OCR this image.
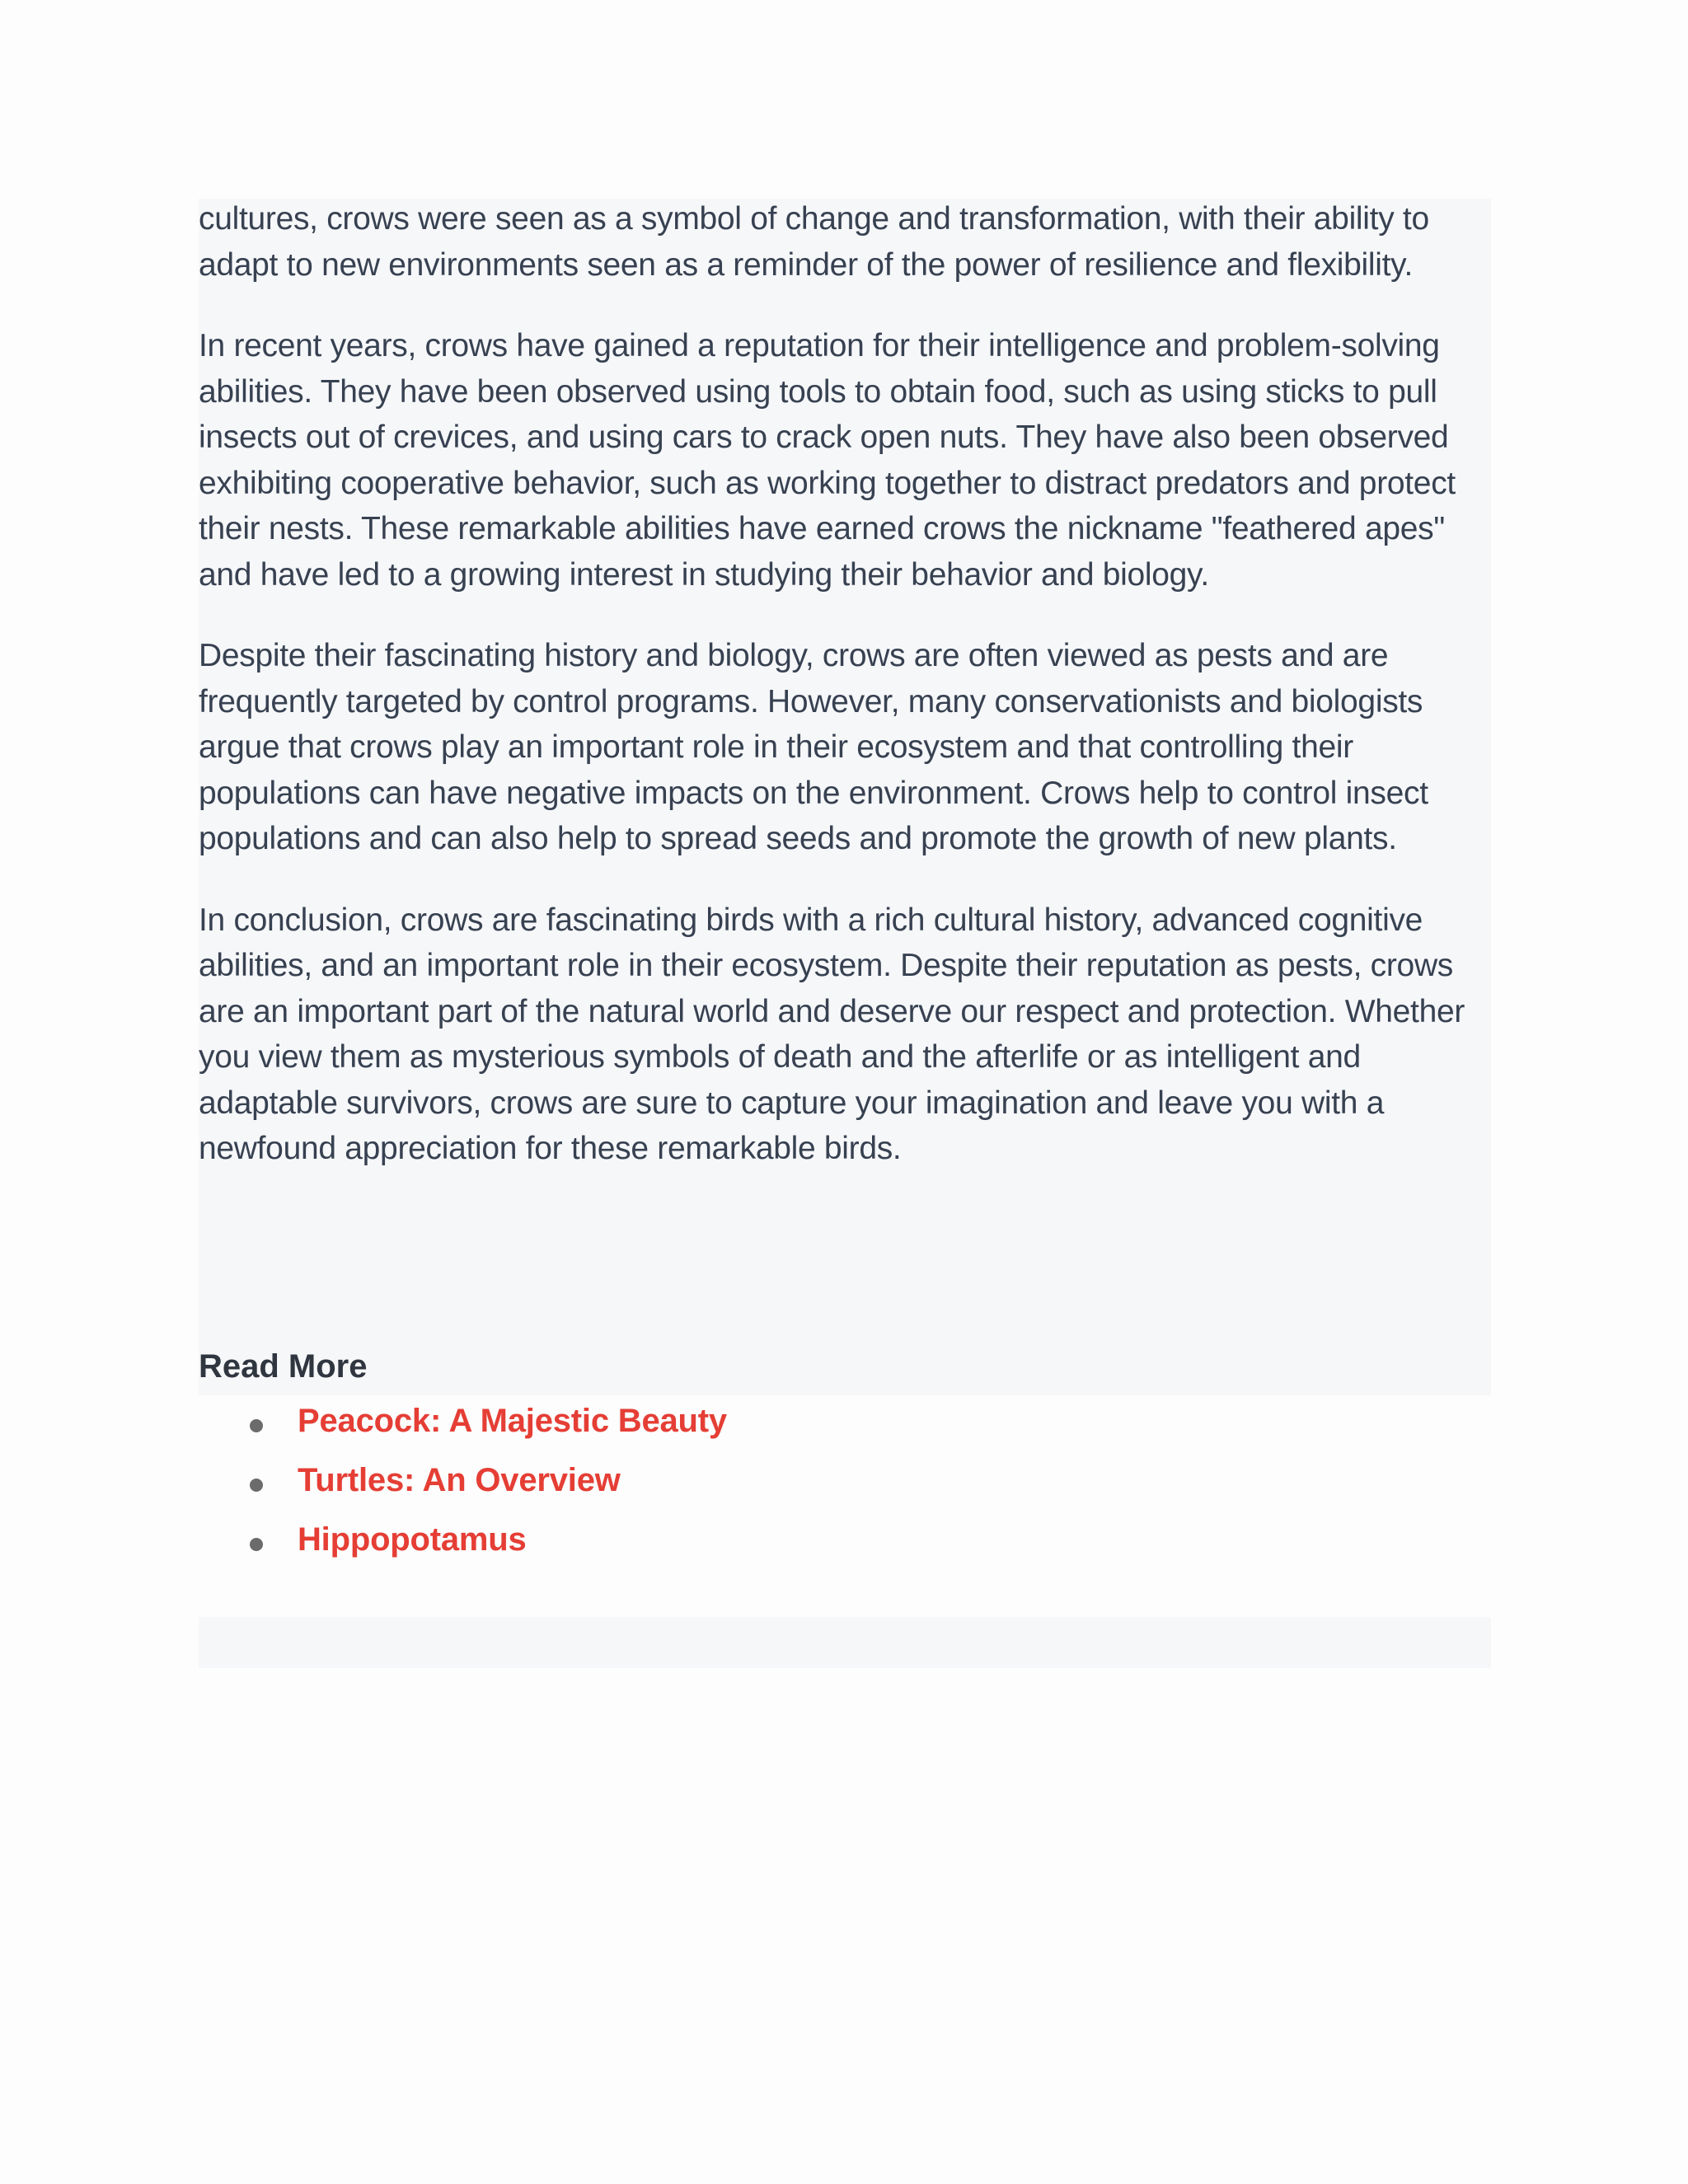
cultures, crows were seen as a symbol of change and transformation, with their ability to adapt to new environments seen as a reminder of the power of resilience and flexibility.

In recent years, crows have gained a reputation for their intelligence and problem-solving abilities. They have been observed using tools to obtain food, such as using sticks to pull insects out of crevices, and using cars to crack open nuts. They have also been observed exhibiting cooperative behavior, such as working together to distract predators and protect their nests. These remarkable abilities have earned crows the nickname "feathered apes" and have led to a growing interest in studying their behavior and biology.

Despite their fascinating history and biology, crows are often viewed as pests and are frequently targeted by control programs. However, many conservationists and biologists argue that crows play an important role in their ecosystem and that controlling their populations can have negative impacts on the environment. Crows help to control insect populations and can also help to spread seeds and promote the growth of new plants.

In conclusion, crows are fascinating birds with a rich cultural history, advanced cognitive abilities, and an important role in their ecosystem. Despite their reputation as pests, crows are an important part of the natural world and deserve our respect and protection. Whether you view them as mysterious symbols of death and the afterlife or as intelligent and adaptable survivors, crows are sure to capture your imagination and leave you with a newfound appreciation for these remarkable birds.

Read More
Peacock: A Majestic Beauty
Turtles: An Overview
Hippopotamus
